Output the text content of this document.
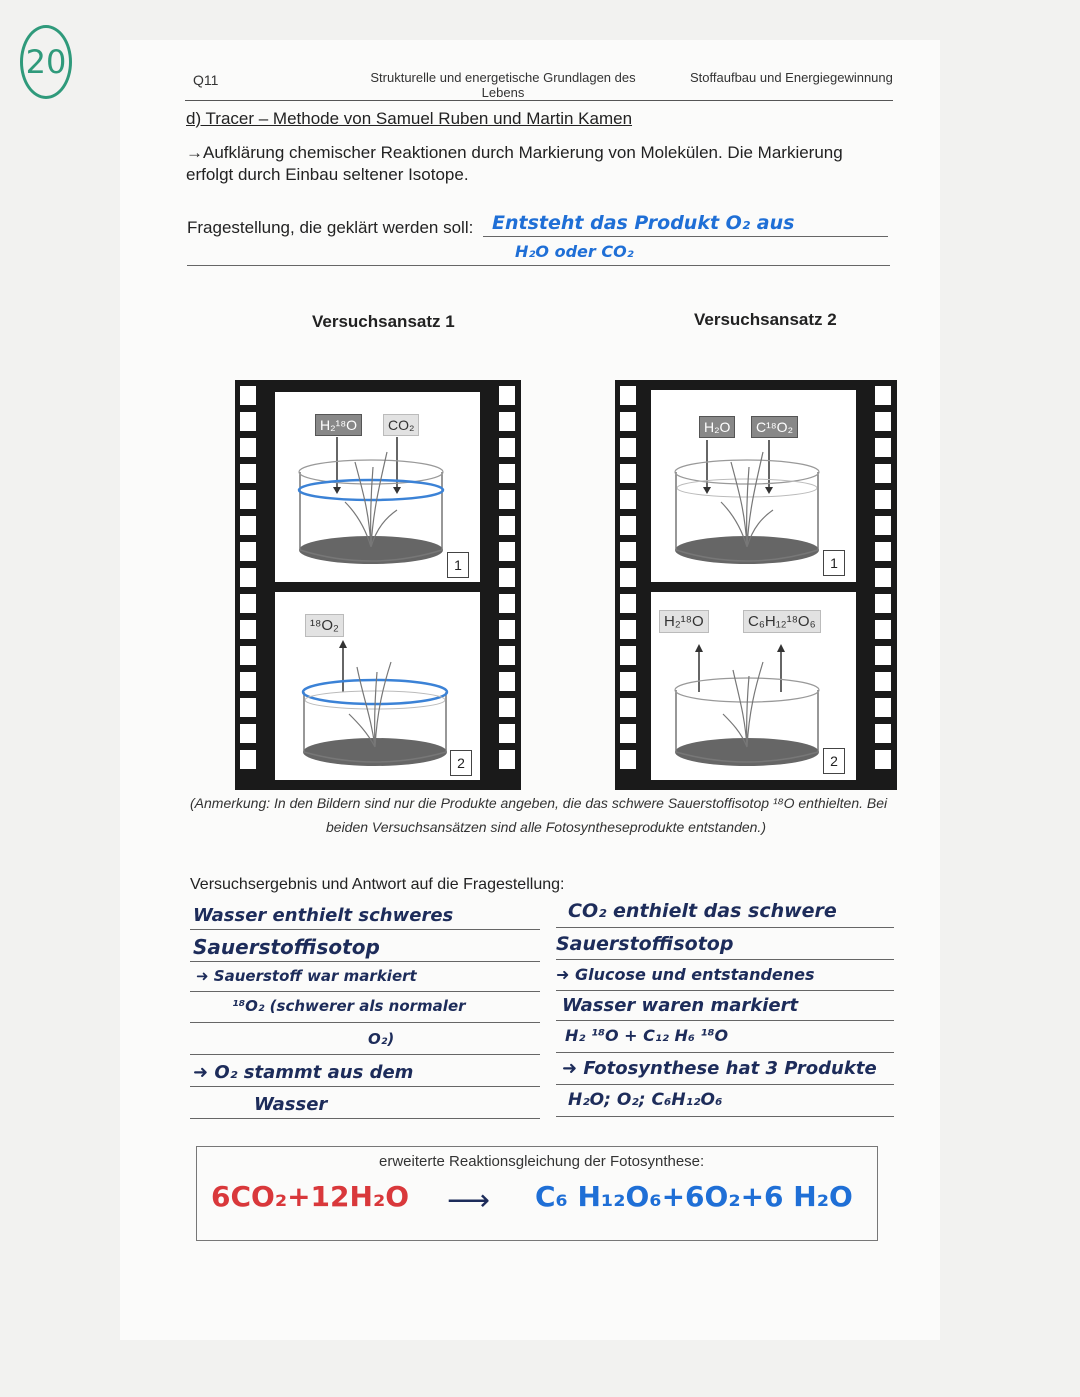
20	Q11	Strukturelle und energetische Grundlagen des
Lebens
Stoffaufbau und Energiegewinnung
d) Tracer – Methode von Samuel Ruben und Martin Kamen
→Aufklärung chemischer Reaktionen durch Markierung von Molekülen. Die Markierung
erfolgt durch Einbau seltener Isotope.
Fragestellung, die geklärt werden soll: Entsteht das Produkt O₂ aus
H₂O oder CO₂
Versuchsansatz 1	Versuchsansatz 2
H₂¹⁸O	CO₂
1
¹⁸O₂
2
H₂O	C¹⁸O₂
1
H₂¹⁸O	C₆H₁₂¹⁸O₆
2
(Anmerkung: In den Bildern sind nur die Produkte angeben, die das schwere Sauerstoffisotop ¹⁸O enthielten. Bei
beiden Versuchsansätzen sind alle Fotosyntheseprodukte entstanden.)
Versuchsergebnis und Antwort auf die Fragestellung:
Wasser enthielt schweres
Sauerstoffisotop
➜ Sauerstoff war markiert
¹⁸O₂ (schwerer als normaler
O₂)
➜ O₂ stammt aus dem
Wasser
CO₂ enthielt das schwere
Sauerstoffisotop
➜ Glucose und entstandenes
Wasser waren markiert
H₂ ¹⁸O + C₁₂ H₆ ¹⁸O
➜ Fotosynthese hat 3 Produkte
H₂O; O₂; C₆H₁₂O₆
erweiterte Reaktionsgleichung der Fotosynthese:
6CO₂+12H₂O ⟶ C₆ H₁₂O₆+6O₂+6 H₂O
